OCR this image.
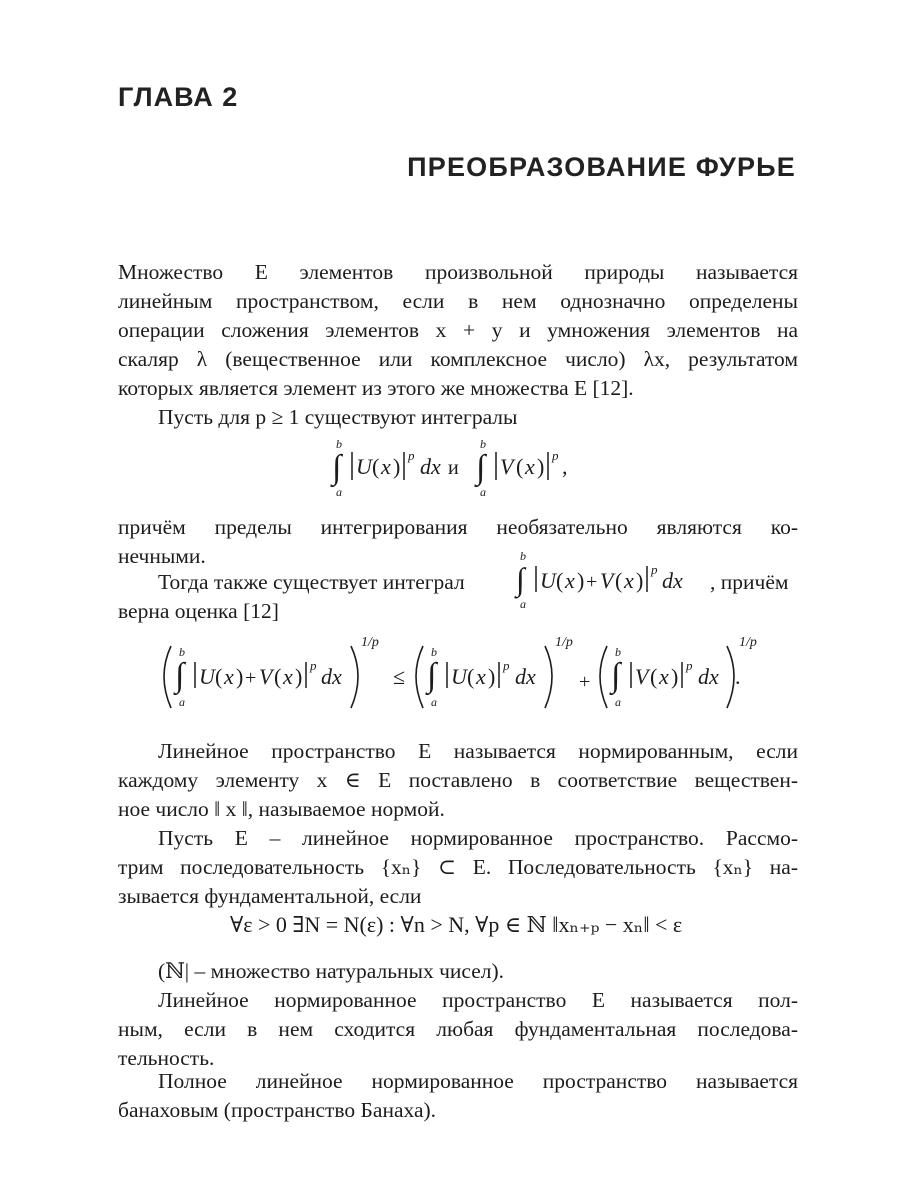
ГЛАВА 2
ПРЕОБРАЗОВАНИЕ ФУРЬЕ
Множество E элементов произвольной природы называется
линейным пространством, если в нем однозначно определены
операции сложения элементов x + y и умножения элементов на
скаляр λ (вещественное или комплексное число) λx, результатом
которых является элемент из этого же множества E [12].
Пусть для p ≥ 1 существуют интегралы
b
∫
a
U ( x ) p dx и
b
∫
a
V ( x ) p ,
причём пределы интегрирования необязательно являются ко-
нечными.
Тогда также существует интеграл
b
∫
a
U ( x ) + V ( x ) p dx , причём
верна оценка [12]
b
∫
a
U ( x ) + V ( x ) p dx
1/p
≤
b
∫
a
U ( x ) p dx
1/p
+
b
∫
a
V ( x ) p dx .
1/p
Линейное пространство E называется нормированным, если
каждому элементу x ∈ E поставлено в соответствие веществен-
ное число ‖ x ‖, называемое нормой.
Пусть E – линейное нормированное пространство. Рассмо-
трим последовательность {xₙ} ⊂ E. Последовательность {xₙ} на-
зывается фундаментальной, если
∀ε > 0 ∃N = N(ε) : ∀n > N, ∀p ∈ ℕ ‖xₙ₊ₚ − xₙ‖ < ε
(ℕ| – множество натуральных чисел).
Линейное нормированное пространство E называется пол-
ным, если в нем сходится любая фундаментальная последова-
тельность.
Полное линейное нормированное пространство называется
банаховым (пространство Банаха).
